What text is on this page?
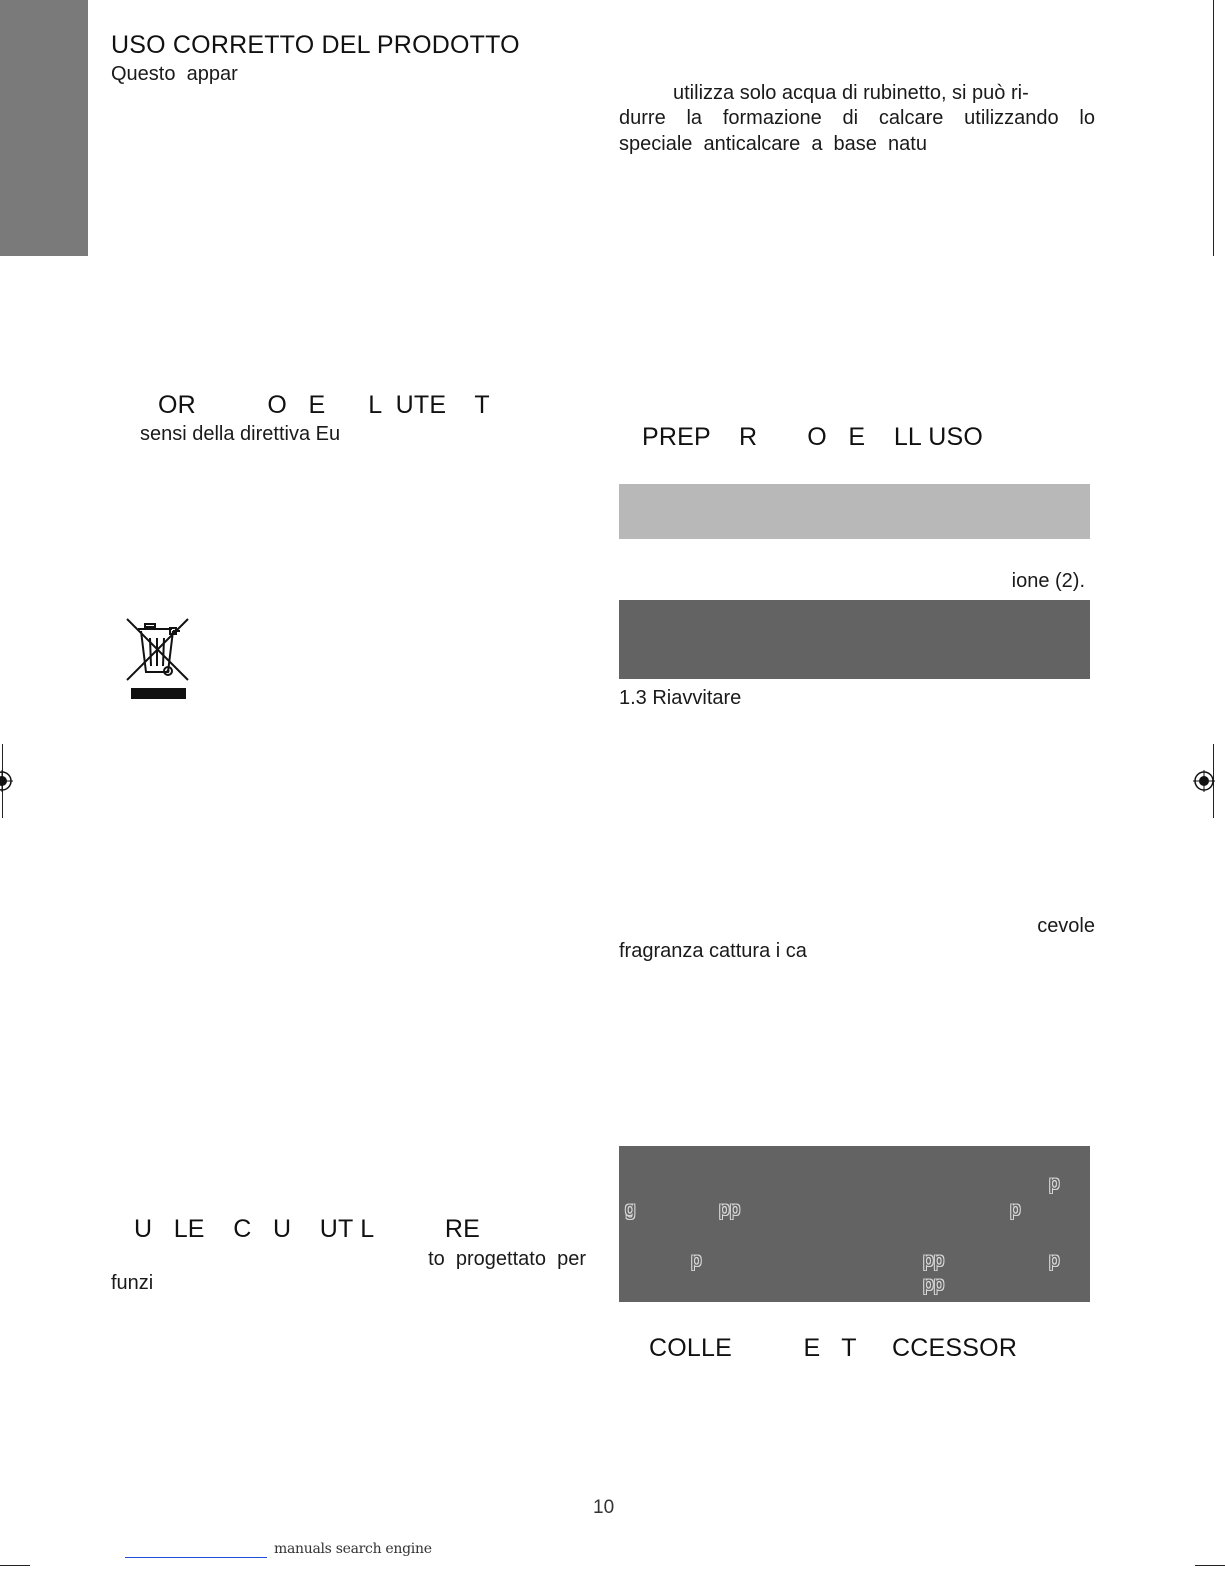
USO CORRETTO DEL PRODOTTO
Questo  appar
OR          O   E      L  UTE    T
sensi della direttiva Eu
U   LE    C   U    UT L          RE
to  progettato  per
funzi
utilizza solo acqua di rubinetto, si può ri-
durre la formazione di calcare utilizzando lo
speciale  anticalcare  a  base  natu
PREP    R       O   E    LL USO
ione (2).
1.3 Riavvitare
cevole
fragranza cattura i ca
p
g	pp	p
p	pp	p
pp
COLLE          E   T     CCESSOR
10
manuals search engine
